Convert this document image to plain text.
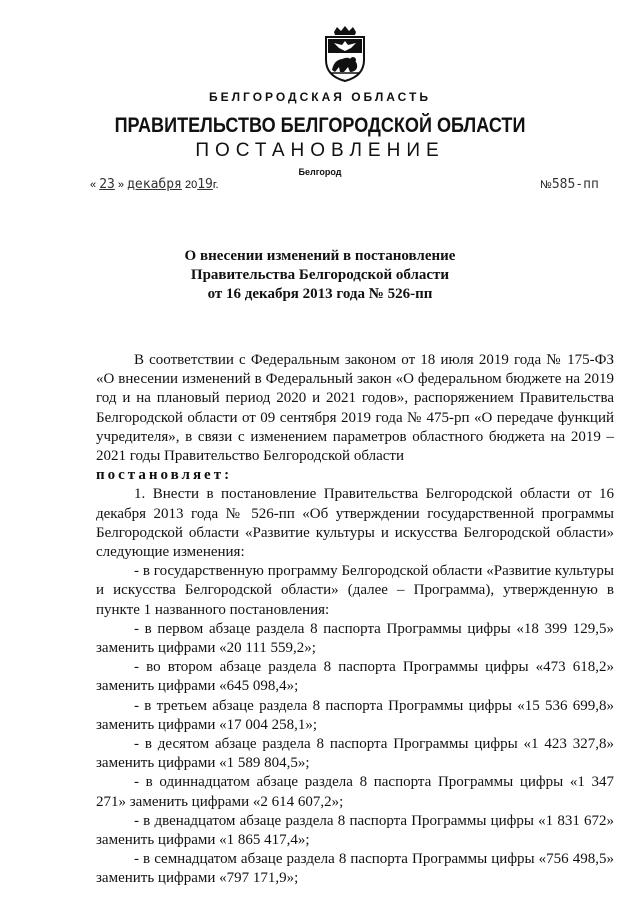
БЕЛГОРОДСКАЯ ОБЛАСТЬ
ПРАВИТЕЛЬСТВО БЕЛГОРОДСКОЙ ОБЛАСТИ
ПОСТАНОВЛЕНИЕ
Белгород
« 23 » декабря 2019г.	№585-пп
О внесении изменений в постановление
Правительства Белгородской области
от 16 декабря 2013 года № 526-пп

В соответствии с Федеральным законом от 18 июля 2019 года № 175-ФЗ «О внесении изменений в Федеральный закон «О федеральном бюджете на 2019 год и на плановый период 2020 и 2021 годов», распоряжением Правительства Белгородской области от 09 сентября 2019 года № 475-рп «О передаче функций учредителя», в связи с изменением параметров областного бюджета на 2019 – 2021 годы Правительство Белгородской области

постановляет:

1. Внести в постановление Правительства Белгородской области от 16 декабря 2013 года № 526-пп «Об утверждении государственной программы Белгородской области «Развитие культуры и искусства Белгородской области» следующие изменения:

- в государственную программу Белгородской области «Развитие культуры и искусства Белгородской области» (далее – Программа), утвержденную в пункте 1 названного постановления:

- в первом абзаце раздела 8 паспорта Программы цифры «18 399 129,5» заменить цифрами «20 111 559,2»;

- во втором абзаце раздела 8 паспорта Программы цифры «473 618,2» заменить цифрами «645 098,4»;

- в третьем абзаце раздела 8 паспорта Программы цифры «15 536 699,8» заменить цифрами «17 004 258,1»;

- в десятом абзаце раздела 8 паспорта Программы цифры «1 423 327,8» заменить цифрами «1 589 804,5»;

- в одиннадцатом абзаце раздела 8 паспорта Программы цифры «1 347 271» заменить цифрами «2 614 607,2»;

- в двенадцатом абзаце раздела 8 паспорта Программы цифры «1 831 672» заменить цифрами «1 865 417,4»;

- в семнадцатом абзаце раздела 8 паспорта Программы цифры «756 498,5» заменить цифрами «797 171,9»;
